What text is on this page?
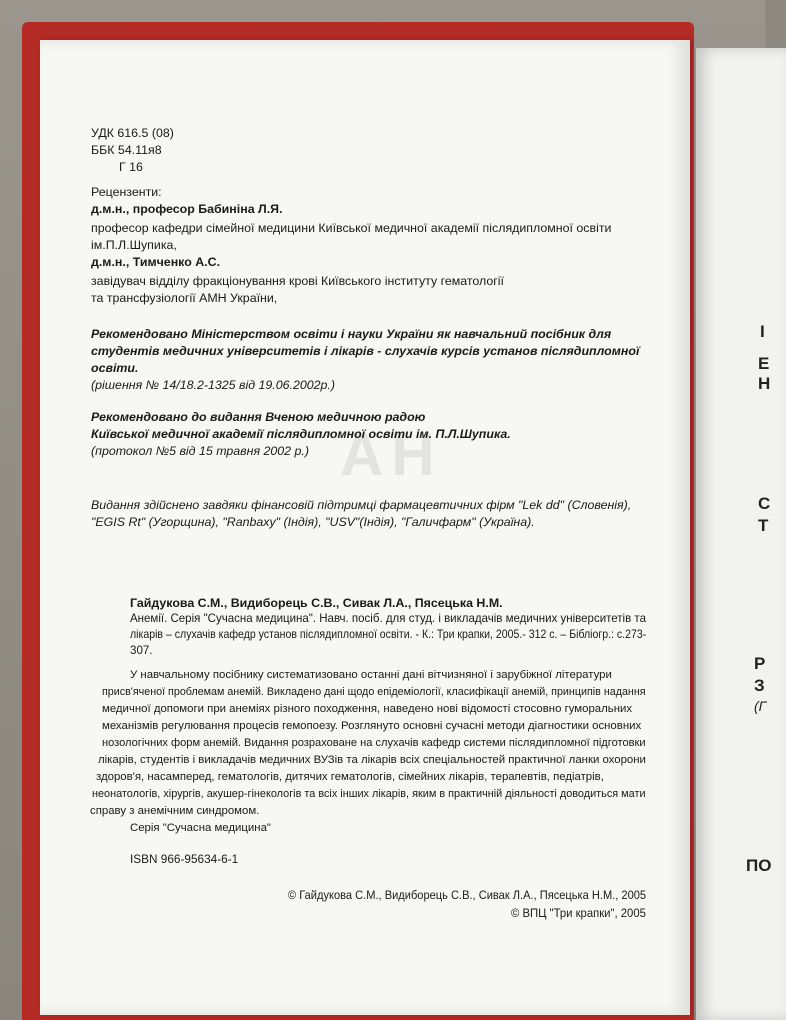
I
E
H
C
T
P
З
(Г
ПО
АН
УДК 616.5 (08)
ББК 54.11я8
Г 16
Рецензенти:
д.м.н., професор Бабиніна Л.Я.
професор кафедри сімейної медицини Київської медичної академії післядипломної освіти
ім.П.Л.Шупика,
д.м.н., Тимченко А.С.
завідувач відділу фракціонування крові Київського інституту гематології
та трансфузіології АМН України,
Рекомендовано Міністерством освіти і науки України як навчальний посібник для
студентів медичних університетів і лікарів - слухачів курсів установ післядипломної
освіти.
(рішення № 14/18.2-1325 від 19.06.2002р.)
Рекомендовано до видання Вченою медичною радою
Київської медичної академії післядипломної освіти ім. П.Л.Шупика.
(протокол №5 від 15 травня 2002 р.)
Видання здійснено завдяки фінансовій підтримці фармацевтичних фірм "Lek dd" (Словенія),
"EGIS Rt" (Угорщина), "Ranbaxy" (Індія), "USV"(Індія), "Галичфарм" (Україна).
Гайдукова С.М., Видиборець С.В., Сивак Л.А., Пясецька Н.М.
Анемії. Серія "Сучасна медицина". Навч. посіб. для студ. і викладачів медичних університетів та
лікарів – слухачів кафедр установ післядипломної освіти. - К.: Три крапки, 2005.- 312 с. – Бібліогр.: с.273-
307.
У навчальному посібнику систематизовано останні дані вітчизняної і зарубіжної літератури
присв'яченої проблемам анемій. Викладено дані щодо епідеміології, класифікації анемій, принципів надання
медичної допомоги при анеміях різного походження, наведено нові відомості стосовно гуморальних
механізмів регулювання процесів гемопоезу. Розглянуто основні сучасні методи діагностики основних
нозологічних форм анемій. Видання розраховане на слухачів кафедр системи післядипломної підготовки
лікарів, студентів і викладачів медичних ВУЗів та лікарів всіх спеціальностей практичної ланки охорони
здоров'я, насамперед, гематологів, дитячих гематологів, сімейних лікарів, терапевтів, педіатрів,
неонатологів, хірургів, акушер-гінекологів та всіх інших лікарів, яким в практичній діяльності доводиться мати
справу з анемічним синдромом.
Серія "Сучасна медицина"
ISBN 966-95634-6-1
© Гайдукова С.М., Видиборець С.В., Сивак Л.А., Пясецька Н.М., 2005
© ВПЦ "Три крапки", 2005
